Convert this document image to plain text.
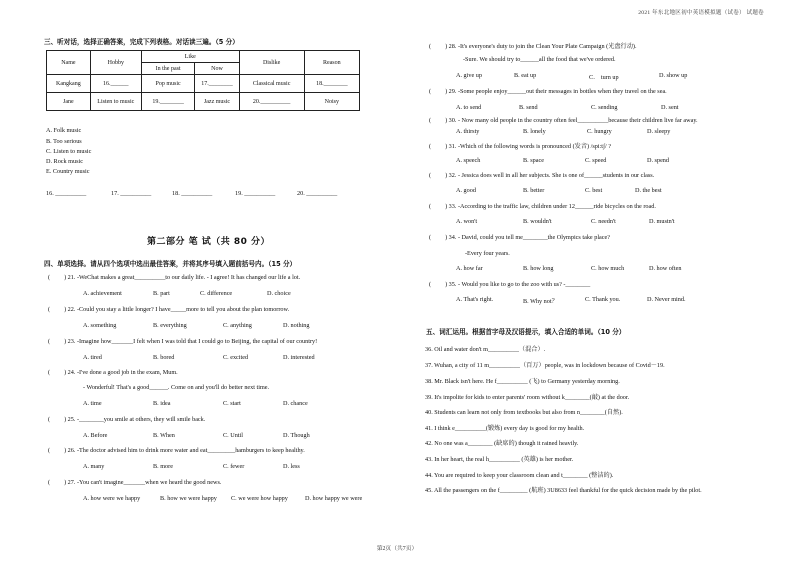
2021 年东北地区初中英语模拟题（试卷） 试题卷
三、听对话，选择正确答案，完成下列表格。对话读三遍。（5 分）
Name	Hobby	Like		Dislike	Reason
		In the past	Now		
Kangkang	16.______	Pop music	17.________	Classical music	18.________
Jane	Listen to music	19.________	Jazz music	20.__________	Noisy
A. Folk music
B. Too serious
C. Listen to music
D. Rock music
E. Country music
16. __________	17. __________	18. __________	19. __________	20. __________
第二部分 笔 试（共 80 分）
四、单项选择。请从四个选项中选出最佳答案，并将其序号填入题前括号内。（15 分）
( ) 21. -WeChat makes a great__________to our daily life. - I agree! It has changed our life a lot.
A. achievement	B. part	C. difference	D. choice
( ) 22. -Could you stay a little longer? I have_____more to tell you about the plan tomorrow.
A. something	B. everything	C. anything	D. nothing
( ) 23. -Imagine how_______I felt when I was told that I could go to Beijing, the capital of our country!
A. tired	B. bored	C. excited	D. interested
( ) 24. -I've done a good job in the exam, Mum.
- Wonderful! That's a good______. Come on and you'll do better next time.
A. time	B. idea	C. start	D. chance
( ) 25. -________you smile at others, they will smile back.
A. Before	B. When	C. Until	D. Though
( ) 26. -The doctor advised him to drink more water and eat_________hamburgers to keep healthy.
A. many	B. more	C. fewer	D. less
( ) 27. -You can't imagine_______when we heard the good news.
A. how were we happy	B. how we were happy C. we were how happy	D. how happy we were
( ) 28. -It's everyone's duty to join the Clean Your Plate Campaign (光盘行动).
-Sure. We should try to______all the food that we've ordered.
A. give up	B. eat up	C． turn up	D. show up
( ) 29. -Some people enjoy______out their messages in bottles when they travel on the sea.
A. to send	B. send	C. sending	D. sent
( ) 30. - Now many old people in the country often feel__________because their children live far away.
A. thirsty	B. lonely	C. hungry	D. sleepy
( ) 31. -Which of the following words is pronounced (发音) /spi:tʃ/ ?
A. speech	B. space	C. speed	D. spend
( ) 32. - Jessica does well in all her subjects. She is one of______students in our class.
A. good	B. better	C. best	D. the best
( ) 33. -According to the traffic law, children under 12______ride bicycles on the road.
A. won't	B. wouldn't	C. needn't	D. mustn't
( ) 34. - David, could you tell me________the Olympics take place?
-Every four years.
A. how far	B. how long	C. how much	D. how often
( ) 35. - Would you like to go to the zoo with us? -________
A. That's right.	B. Why not？	C. Thank you.	D. Never mind.
五、词汇运用。根据首字母及汉语提示，填入合适的单词。（10 分）
36. Oil and water don't m__________（混合）.
37. Wuhan, a city of 11 m__________（百万）people, was in lockdown because of Covid－19.
38. Mr. Black isn't here. He f__________ (飞) to Germany yesterday morning.
39. It's impolite for kids to enter parents' room without k________(敲) at the door.
40. Students can learn not only from textbooks but also from n________(自然).
41. I think e__________(锻炼) every day is good for my health.
42. No one was a________ (缺席的) though it rained heavily.
43. In her heart, the real h__________ (英雄) is her mother.
44. You are required to keep your classroom clean and t________ (整洁的).
45. All the passengers on the f_________ (航班) 3U8633 feel thankful for the quick decision made by the pilot.
第2页（共7页）
